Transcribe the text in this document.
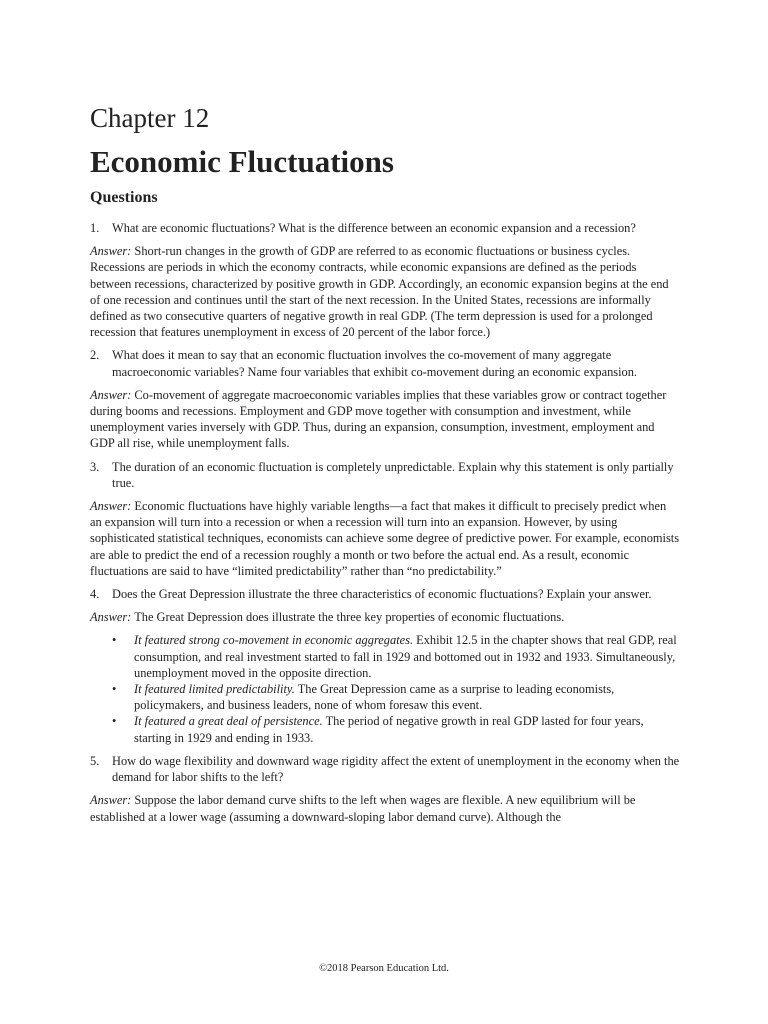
Chapter 12
Economic Fluctuations
Questions
1. What are economic fluctuations? What is the difference between an economic expansion and a recession?

Answer: Short-run changes in the growth of GDP are referred to as economic fluctuations or business cycles. Recessions are periods in which the economy contracts, while economic expansions are defined as the periods between recessions, characterized by positive growth in GDP. Accordingly, an economic expansion begins at the end of one recession and continues until the start of the next recession. In the United States, recessions are informally defined as two consecutive quarters of negative growth in real GDP. (The term depression is used for a prolonged recession that features unemployment in excess of 20 percent of the labor force.)

2. What does it mean to say that an economic fluctuation involves the co-movement of many aggregate macroeconomic variables? Name four variables that exhibit co-movement during an economic expansion.

Answer: Co-movement of aggregate macroeconomic variables implies that these variables grow or contract together during booms and recessions. Employment and GDP move together with consumption and investment, while unemployment varies inversely with GDP. Thus, during an expansion, consumption, investment, employment and GDP all rise, while unemployment falls.

3. The duration of an economic fluctuation is completely unpredictable. Explain why this statement is only partially true.

Answer: Economic fluctuations have highly variable lengths—a fact that makes it difficult to precisely predict when an expansion will turn into a recession or when a recession will turn into an expansion. However, by using sophisticated statistical techniques, economists can achieve some degree of predictive power. For example, economists are able to predict the end of a recession roughly a month or two before the actual end. As a result, economic fluctuations are said to have “limited predictability” rather than “no predictability.”

4. Does the Great Depression illustrate the three characteristics of economic fluctuations? Explain your answer.

Answer: The Great Depression does illustrate the three key properties of economic fluctuations.

• It featured strong co-movement in economic aggregates. Exhibit 12.5 in the chapter shows that real GDP, real consumption, and real investment started to fall in 1929 and bottomed out in 1932 and 1933. Simultaneously, unemployment moved in the opposite direction.
• It featured limited predictability. The Great Depression came as a surprise to leading economists, policymakers, and business leaders, none of whom foresaw this event.
• It featured a great deal of persistence. The period of negative growth in real GDP lasted for four years, starting in 1929 and ending in 1933.
5. How do wage flexibility and downward wage rigidity affect the extent of unemployment in the economy when the demand for labor shifts to the left?

Answer: Suppose the labor demand curve shifts to the left when wages are flexible. A new equilibrium will be established at a lower wage (assuming a downward-sloping labor demand curve). Although the

©2018 Pearson Education Ltd.
